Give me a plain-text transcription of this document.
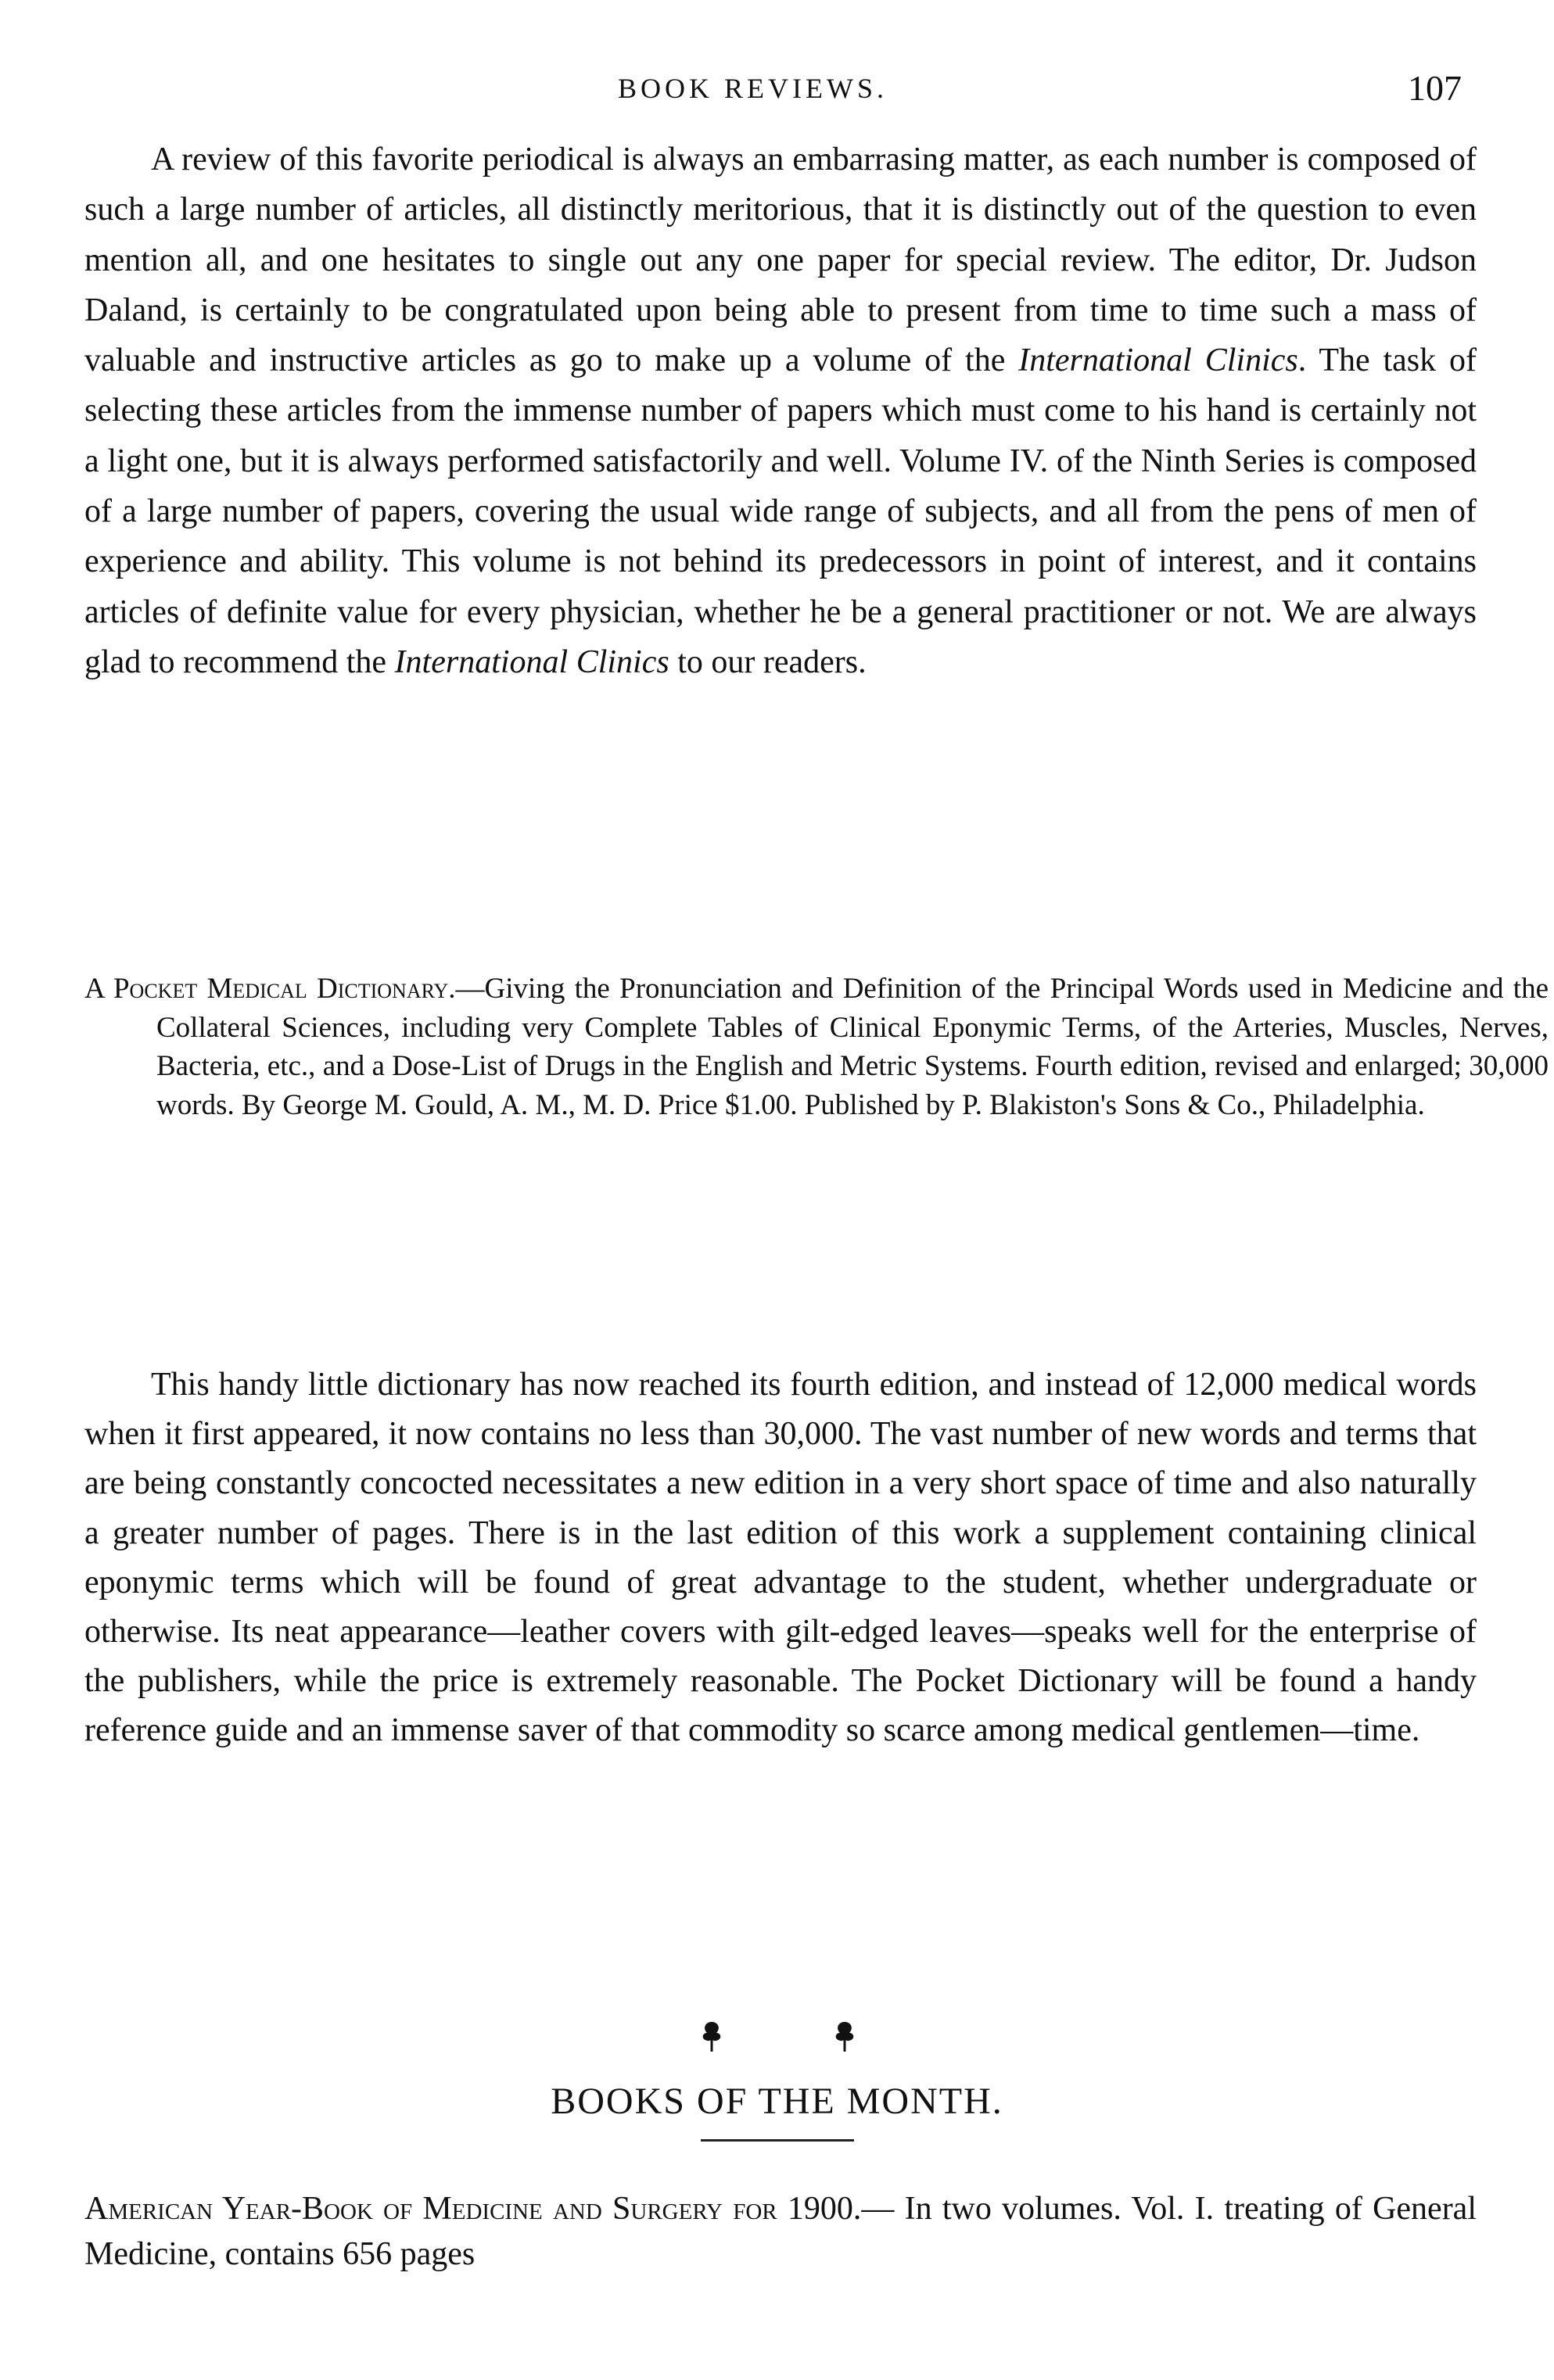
BOOK REVIEWS.	107

A review of this favorite periodical is always an embarrasing matter, as each number is composed of such a large number of articles, all distinctly meritorious, that it is distinctly out of the question to even mention all, and one hesitates to single out any one paper for special review. The editor, Dr. Judson Daland, is certainly to be congratulated upon being able to present from time to time such a mass of valuable and instructive articles as go to make up a volume of the International Clinics. The task of selecting these articles from the immense number of papers which must come to his hand is certainly not a light one, but it is always performed satisfactorily and well. Volume IV. of the Ninth Series is composed of a large number of papers, covering the usual wide range of subjects, and all from the pens of men of experience and ability. This volume is not behind its predecessors in point of interest, and it contains articles of definite value for every physician, whether he be a general practitioner or not. We are always glad to recommend the International Clinics to our readers.

A Pocket Medical Dictionary.—Giving the Pronunciation and Definition of the Principal Words used in Medicine and the Collateral Sciences, including very Complete Tables of Clinical Eponymic Terms, of the Arteries, Muscles, Nerves, Bacteria, etc., and a Dose-List of Drugs in the English and Metric Systems. Fourth edition, revised and enlarged; 30,000 words. By George M. Gould, A. M., M. D. Price $1.00. Published by P. Blakiston's Sons & Co., Philadelphia.

This handy little dictionary has now reached its fourth edition, and instead of 12,000 medical words when it first appeared, it now contains no less than 30,000. The vast number of new words and terms that are being constantly concocted necessitates a new edition in a very short space of time and also naturally a greater number of pages. There is in the last edition of this work a supplement containing clinical eponymic terms which will be found of great advantage to the student, whether undergraduate or otherwise. Its neat appearance—leather covers with gilt-edged leaves—speaks well for the enterprise of the publishers, while the price is extremely reasonable. The Pocket Dictionary will be found a handy reference guide and an immense saver of that commodity so scarce among medical gentlemen—time.

BOOKS OF THE MONTH.

American Year-Book of Medicine and Surgery for 1900.— In two volumes. Vol. I. treating of General Medicine, contains 656 pages
